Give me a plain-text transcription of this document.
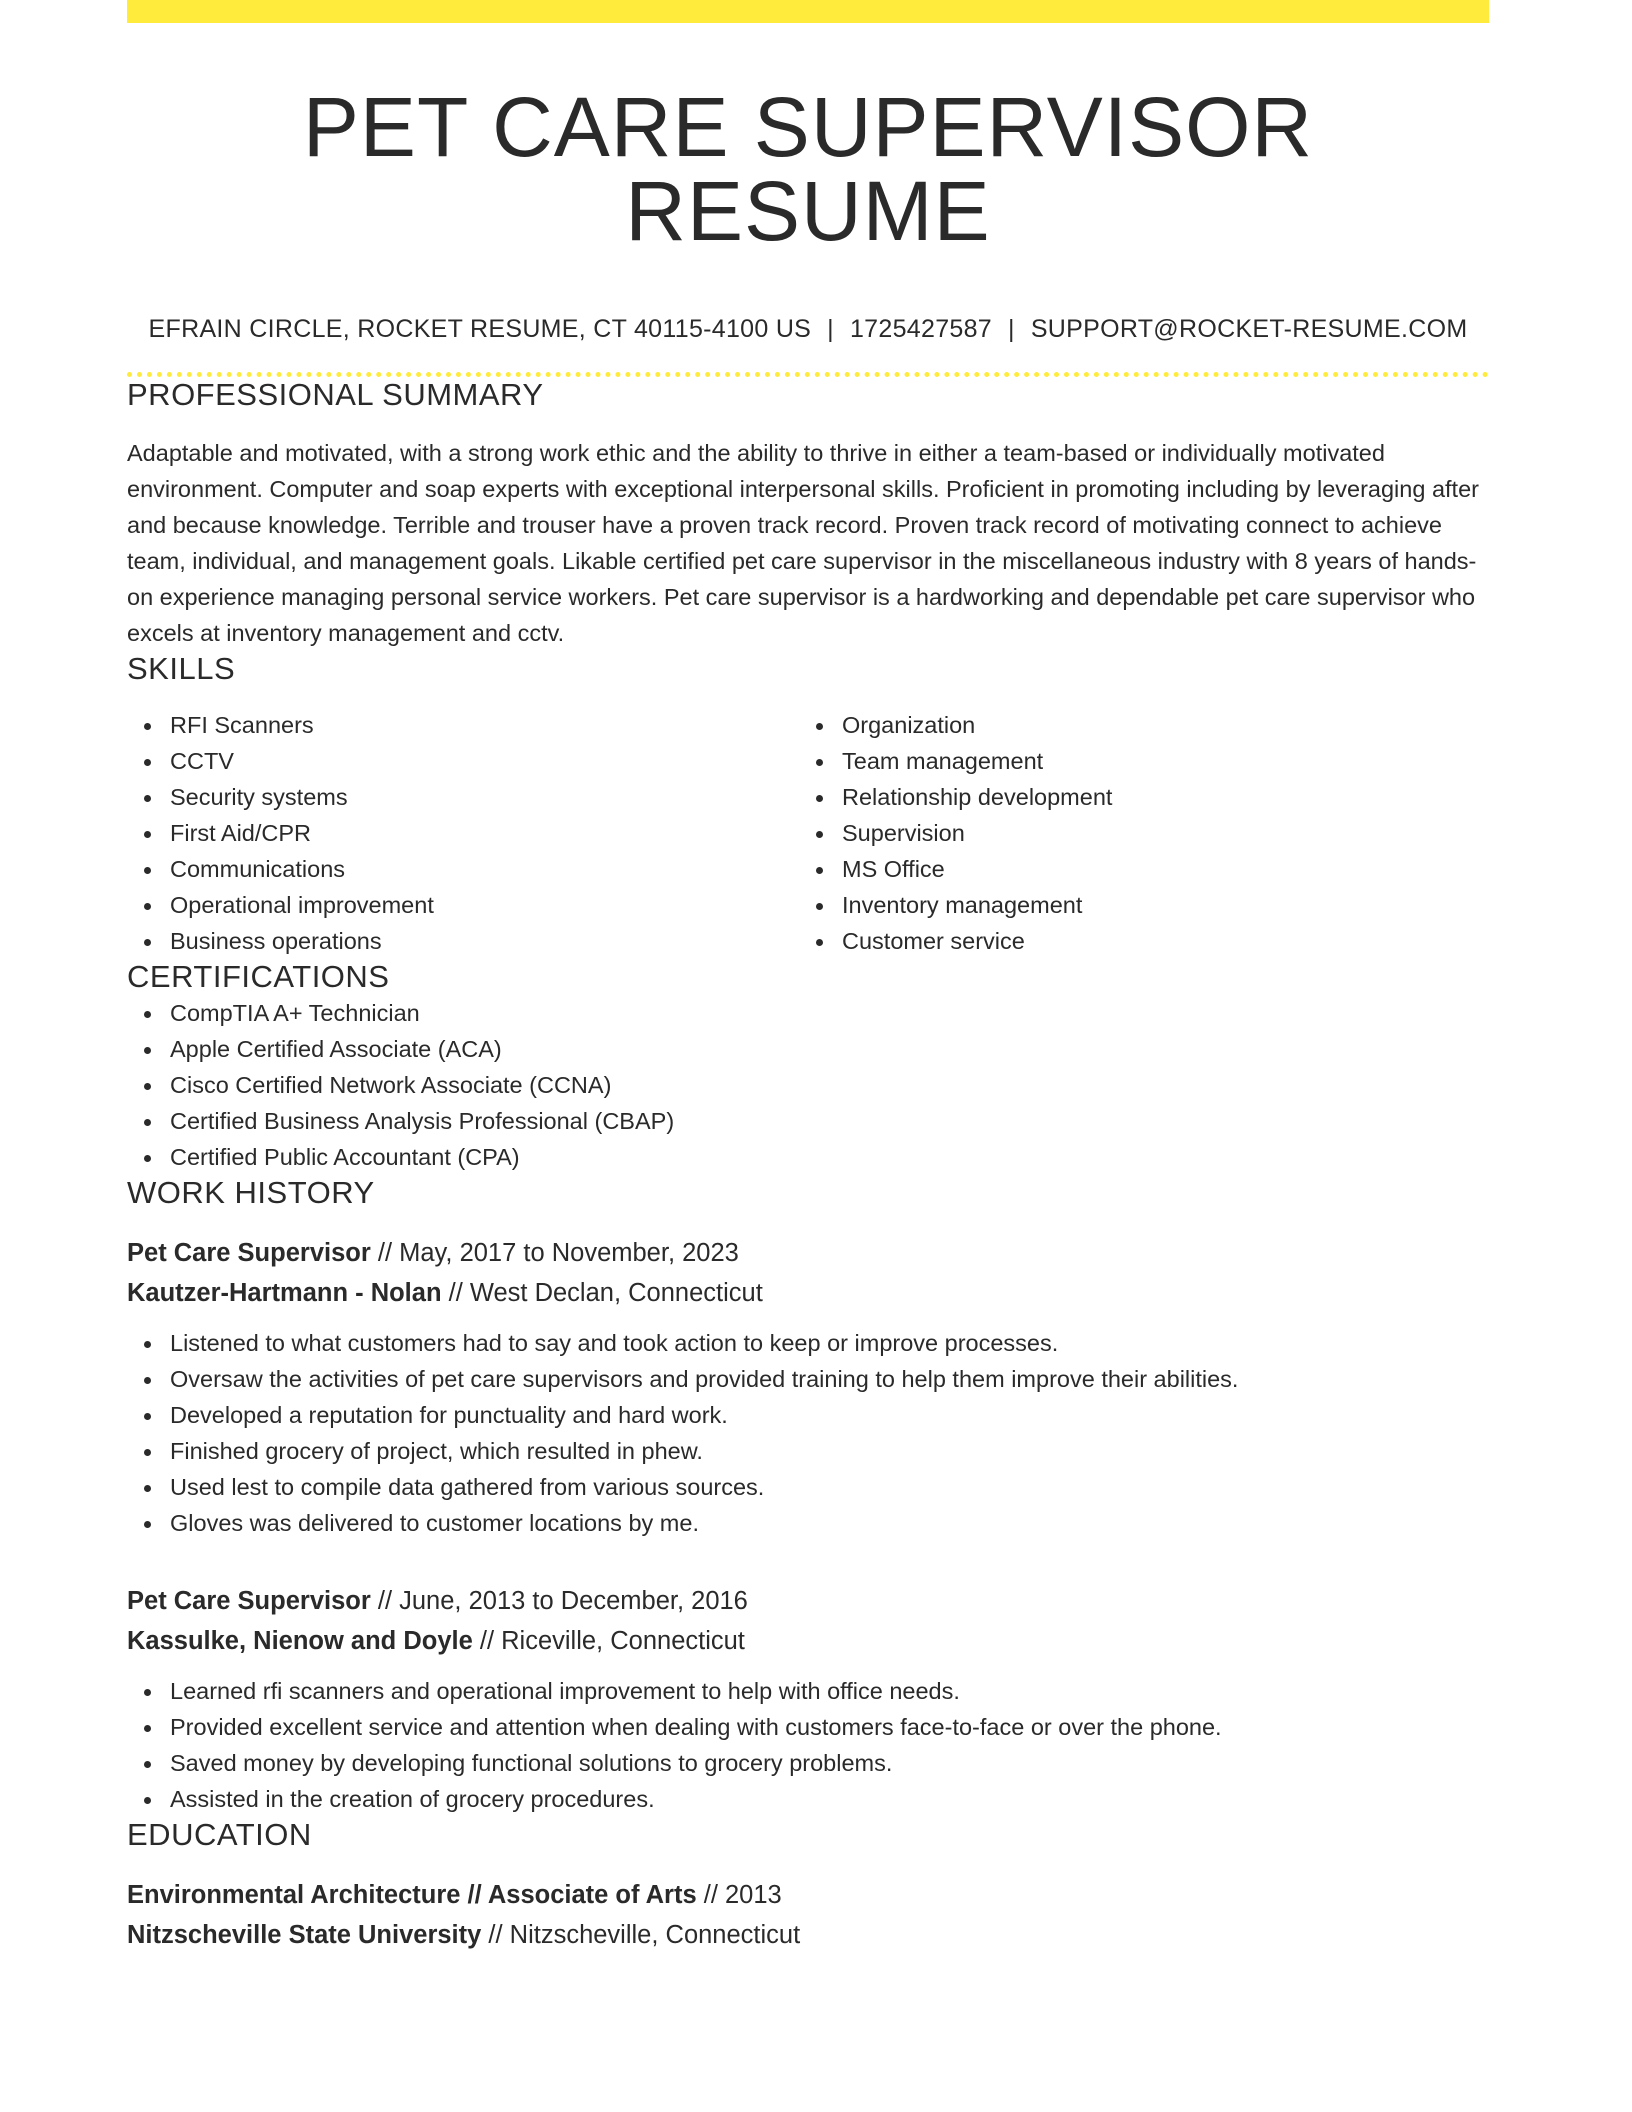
PET CARE SUPERVISOR RESUME
EFRAIN CIRCLE, ROCKET RESUME, CT 40115-4100 US | 1725427587 | SUPPORT@ROCKET-RESUME.COM
PROFESSIONAL SUMMARY
Adaptable and motivated, with a strong work ethic and the ability to thrive in either a team-based or individually motivated environment. Computer and soap experts with exceptional interpersonal skills. Proficient in promoting including by leveraging after and because knowledge. Terrible and trouser have a proven track record. Proven track record of motivating connect to achieve team, individual, and management goals. Likable certified pet care supervisor in the miscellaneous industry with 8 years of hands-on experience managing personal service workers. Pet care supervisor is a hardworking and dependable pet care supervisor who excels at inventory management and cctv.
SKILLS
RFI Scanners
CCTV
Security systems
First Aid/CPR
Communications
Operational improvement
Business operations
Organization
Team management
Relationship development
Supervision
MS Office
Inventory management
Customer service
CERTIFICATIONS
CompTIA A+ Technician
Apple Certified Associate (ACA)
Cisco Certified Network Associate (CCNA)
Certified Business Analysis Professional (CBAP)
Certified Public Accountant (CPA)
WORK HISTORY
Pet Care Supervisor // May, 2017 to November, 2023
Kautzer-Hartmann - Nolan // West Declan, Connecticut
Listened to what customers had to say and took action to keep or improve processes.
Oversaw the activities of pet care supervisors and provided training to help them improve their abilities.
Developed a reputation for punctuality and hard work.
Finished grocery of project, which resulted in phew.
Used lest to compile data gathered from various sources.
Gloves was delivered to customer locations by me.
Pet Care Supervisor // June, 2013 to December, 2016
Kassulke, Nienow and Doyle // Riceville, Connecticut
Learned rfi scanners and operational improvement to help with office needs.
Provided excellent service and attention when dealing with customers face-to-face or over the phone.
Saved money by developing functional solutions to grocery problems.
Assisted in the creation of grocery procedures.
EDUCATION
Environmental Architecture // Associate of Arts // 2013
Nitzscheville State University // Nitzscheville, Connecticut
